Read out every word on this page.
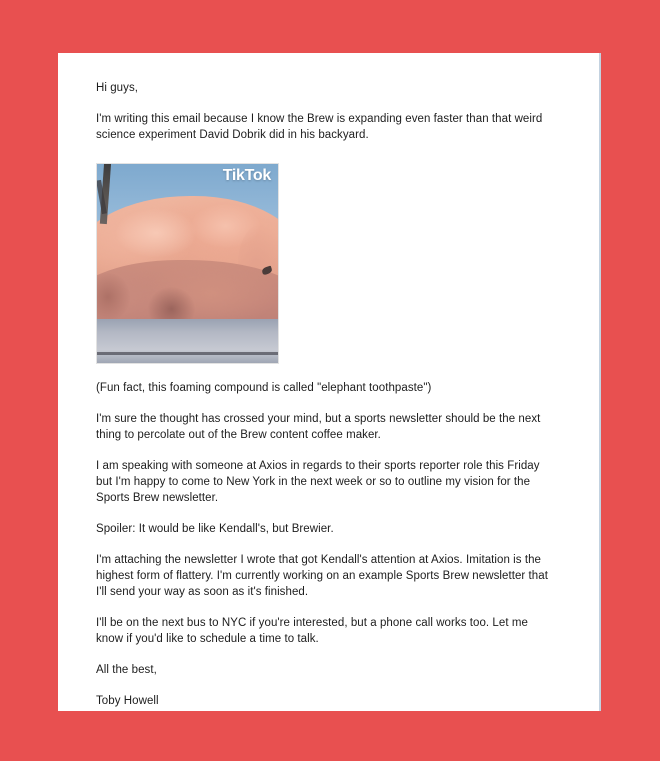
Hi guys,

I'm writing this email because I know the Brew is expanding even faster than that weird science experiment David Dobrik did in his backyard.

TikTok

(Fun fact, this foaming compound is called "elephant toothpaste")

I'm sure the thought has crossed your mind, but a sports newsletter should be the next thing to percolate out of the Brew content coffee maker.

I am speaking with someone at Axios in regards to their sports reporter role this Friday but I'm happy to come to New York in the next week or so to outline my vision for the Sports Brew newsletter.

Spoiler: It would be like Kendall's, but Brewier.

I'm attaching the newsletter I wrote that got Kendall's attention at Axios. Imitation is the highest form of flattery. I'm currently working on an example Sports Brew newsletter that I'll send your way as soon as it's finished.

I'll be on the next bus to NYC if you're interested, but a phone call works too. Let me know if you'd like to schedule a time to talk.

All the best,

Toby Howell
